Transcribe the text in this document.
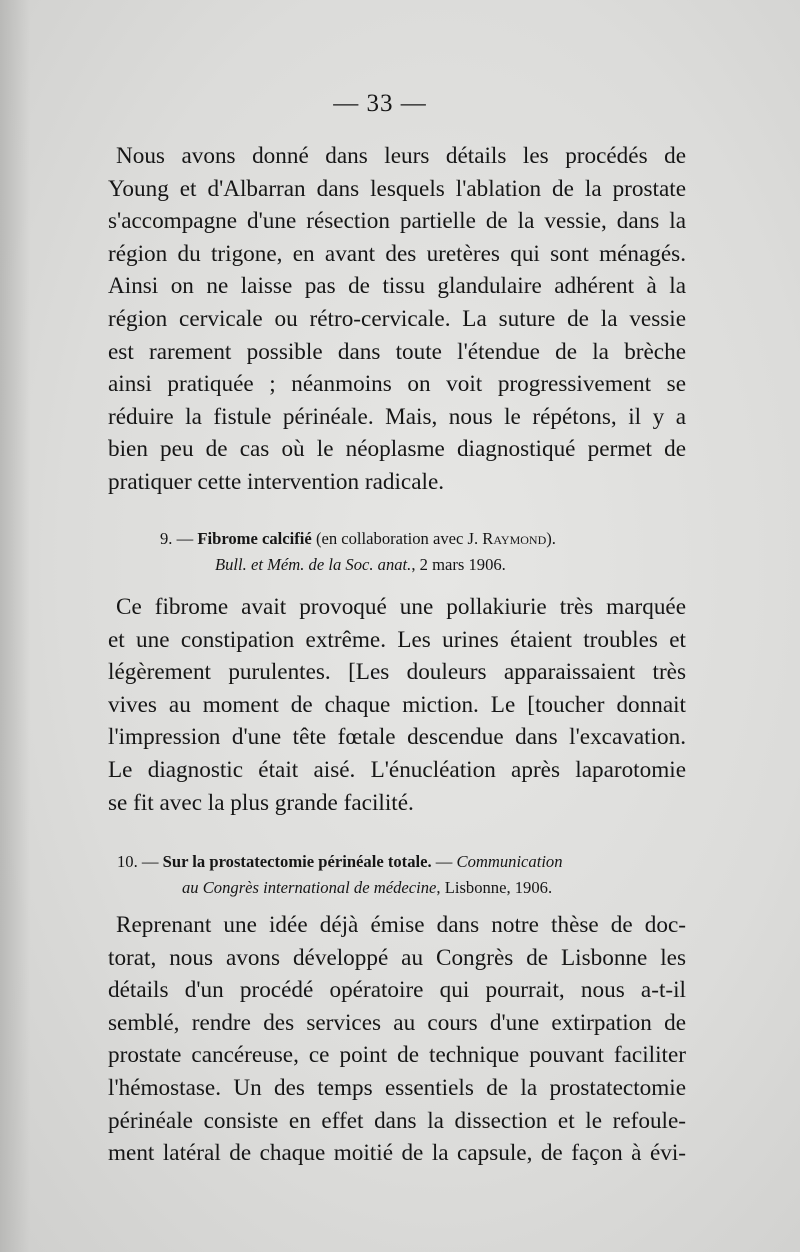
— 33 —
Nous avons donné dans leurs détails les procédés de
Young et d'Albarran dans lesquels l'ablation de la prostate
s'accompagne d'une résection partielle de la vessie, dans la
région du trigone, en avant des uretères qui sont ménagés.
Ainsi on ne laisse pas de tissu glandulaire adhérent à la
région cervicale ou rétro-cervicale. La suture de la vessie
est rarement possible dans toute l'étendue de la brèche
ainsi pratiquée ; néanmoins on voit progressivement se
réduire la fistule périnéale. Mais, nous le répétons, il y a
bien peu de cas où le néoplasme diagnostiqué permet de
pratiquer cette intervention radicale.
9. — Fibrome calcifié (en collaboration avec J. Raymond).
Bull. et Mém. de la Soc. anat., 2 mars 1906.
Ce fibrome avait provoqué une pollakiurie très marquée
et une constipation extrême. Les urines étaient troubles et
légèrement purulentes. [Les douleurs apparaissaient très
vives au moment de chaque miction. Le [toucher donnait
l'impression d'une tête fœtale descendue dans l'excavation.
Le diagnostic était aisé. L'énucléation après laparotomie
se fit avec la plus grande facilité.
10. — Sur la prostatectomie périnéale totale. — Communication
au Congrès international de médecine, Lisbonne, 1906.
Reprenant une idée déjà émise dans notre thèse de doc-
torat, nous avons développé au Congrès de Lisbonne les
détails d'un procédé opératoire qui pourrait, nous a-t-il
semblé, rendre des services au cours d'une extirpation de
prostate cancéreuse, ce point de technique pouvant faciliter
l'hémostase. Un des temps essentiels de la prostatectomie
périnéale consiste en effet dans la dissection et le refoule-
ment latéral de chaque moitié de la capsule, de façon à évi-
